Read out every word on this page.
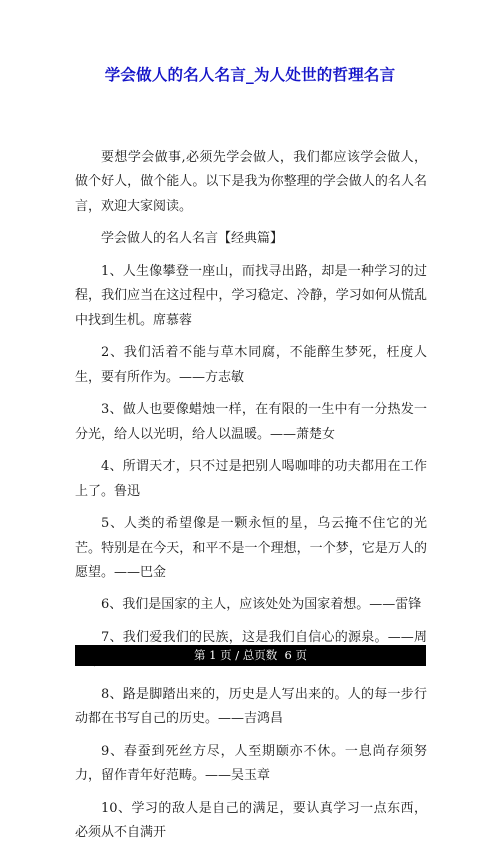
学会做人的名人名言_为人处世的哲理名言

要想学会做事,必须先学会做人，我们都应该学会做人，做个好人，做个能人。以下是我为你整理的学会做人的名人名言，欢迎大家阅读。

学会做人的名人名言【经典篇】

1、人生像攀登一座山，而找寻出路，却是一种学习的过程，我们应当在这过程中，学习稳定、冷静，学习如何从慌乱中找到生机。席慕蓉

2、我们活着不能与草木同腐，不能醉生梦死，枉度人生，要有所作为。——方志敏

3、做人也要像蜡烛一样，在有限的一生中有一分热发一分光，给人以光明，给人以温暖。——萧楚女

4、所谓天才，只不过是把别人喝咖啡的功夫都用在工作上了。鲁迅

5、人类的希望像是一颗永恒的星，乌云掩不住它的光芒。特别是在今天，和平不是一个理想，一个梦，它是万人的愿望。——巴金

6、我们是国家的主人，应该处处为国家着想。——雷锋

7、我们爱我们的民族，这是我们自信心的源泉。——周

8、路是脚踏出来的，历史是人写出来的。人的每一步行动都在书写自己的历史。——吉鸿昌

9、春蚕到死丝方尽，人至期颐亦不休。一息尚存须努力，留作青年好范畴。——吴玉章

10、学习的敌人是自己的满足，要认真学习一点东西，必须从不自满开

第 1 页 / 总页数  6 页
